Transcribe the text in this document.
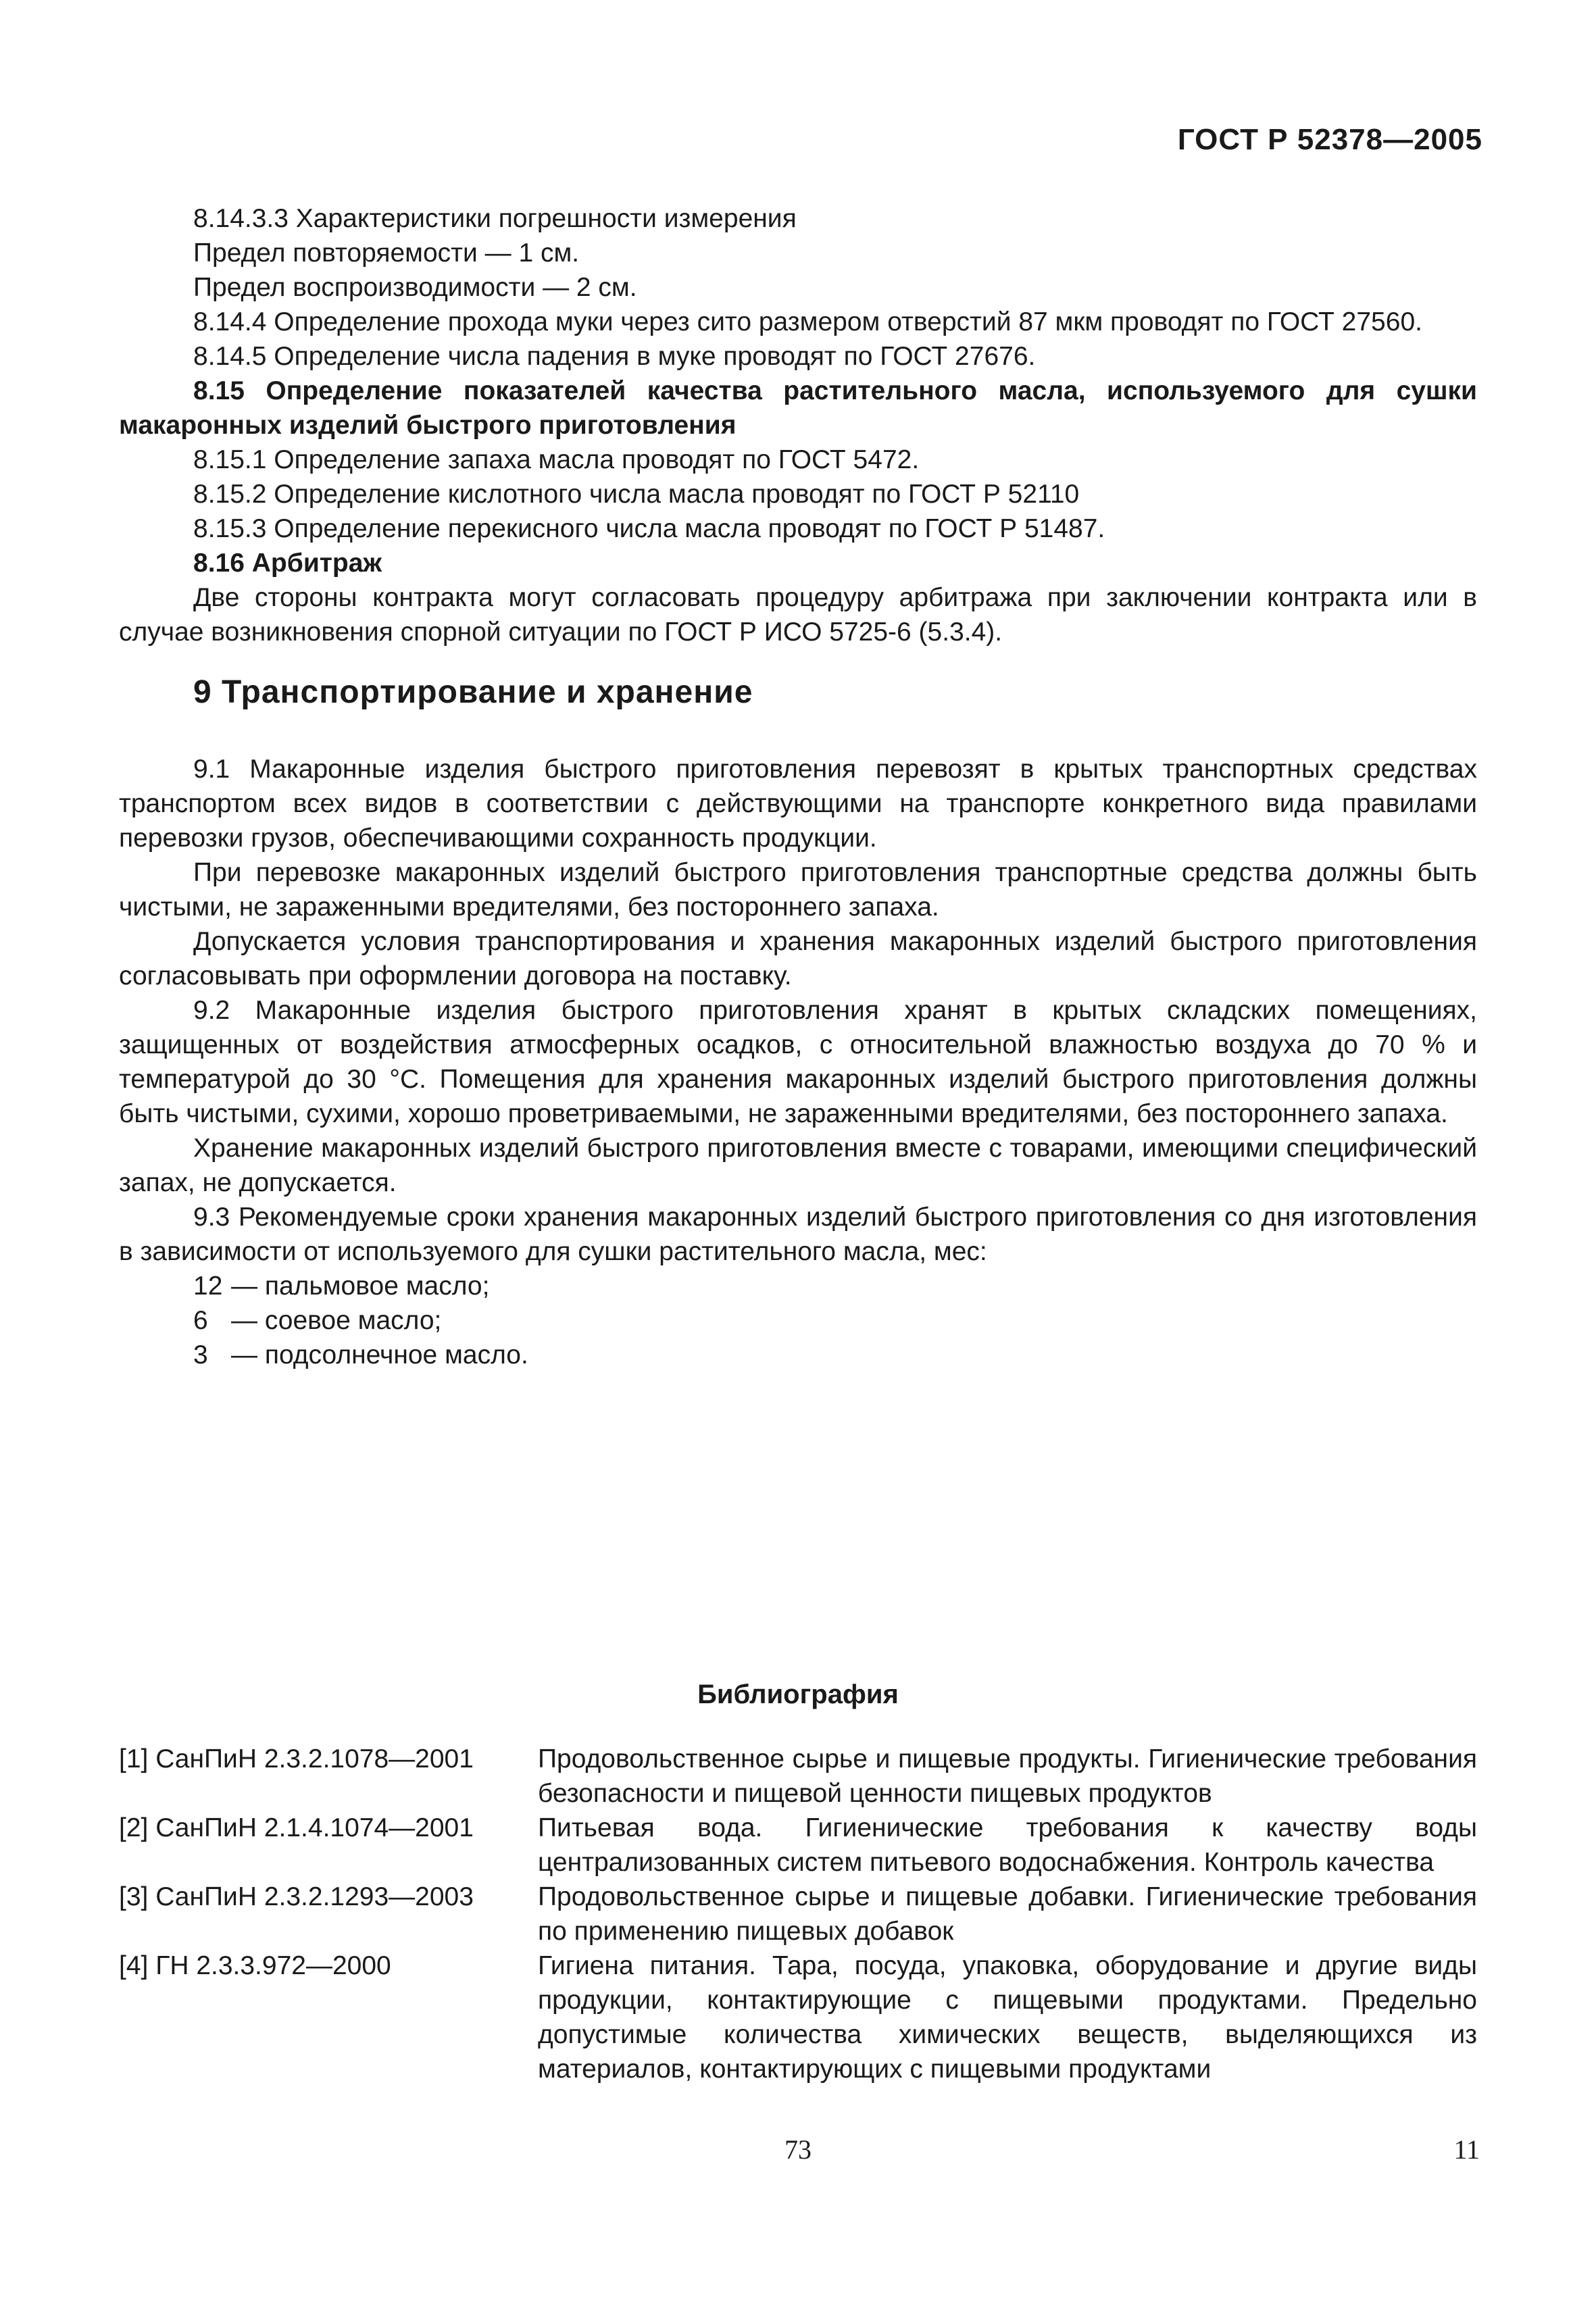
ГОСТ Р 52378—2005

8.14.3.3 Характеристики погрешности измерения

Предел повторяемости — 1 см.

Предел воспроизводимости — 2 см.

8.14.4 Определение прохода муки через сито размером отверстий 87 мкм проводят по ГОСТ 27560.

8.14.5 Определение числа падения в муке проводят по ГОСТ 27676.

8.15 Определение показателей качества растительного масла, используемого для сушки макаронных изделий быстрого приготовления

8.15.1 Определение запаха масла проводят по ГОСТ 5472.

8.15.2 Определение кислотного числа масла проводят по ГОСТ Р 52110

8.15.3 Определение перекисного числа масла проводят по ГОСТ Р 51487.

8.16 Арбитраж

Две стороны контракта могут согласовать процедуру арбитража при заключении контракта или в случае возникновения спорной ситуации по ГОСТ Р ИСО 5725-6 (5.3.4).

9 Транспортирование и хранение

9.1 Макаронные изделия быстрого приготовления перевозят в крытых транспортных средствах транспортом всех видов в соответствии с действующими на транспорте конкретного вида правилами перевозки грузов, обеспечивающими сохранность продукции.

При перевозке макаронных изделий быстрого приготовления транспортные средства должны быть чистыми, не зараженными вредителями, без постороннего запаха.

Допускается условия транспортирования и хранения макаронных изделий быстрого приготовления согласовывать при оформлении договора на поставку.

9.2 Макаронные изделия быстрого приготовления хранят в крытых складских помещениях, защищенных от воздействия атмосферных осадков, с относительной влажностью воздуха до 70 % и температурой до 30 °С. Помещения для хранения макаронных изделий быстрого приготовления должны быть чистыми, сухими, хорошо проветриваемыми, не зараженными вредителями, без постороннего запаха.

Хранение макаронных изделий быстрого приготовления вместе с товарами, имеющими специфический запах, не допускается.

9.3 Рекомендуемые сроки хранения макаронных изделий быстрого приготовления со дня изготовления в зависимости от используемого для сушки растительного масла, мес:

12 — пальмовое масло;
6 — соевое масло;
3 — подсолнечное масло.
Библиография
[1] СанПиН 2.3.2.1078—2001	Продовольственное сырье и пищевые продукты. Гигиенические требования безопасности и пищевой ценности пищевых продуктов
[2] СанПиН 2.1.4.1074—2001	Питьевая вода. Гигиенические требования к качеству воды централизованных систем питьевого водоснабжения. Контроль качества
[3] СанПиН 2.3.2.1293—2003	Продовольственное сырье и пищевые добавки. Гигиенические требования по применению пищевых добавок
[4] ГН 2.3.3.972—2000	Гигиена питания. Тара, посуда, упаковка, оборудование и другие виды продукции, контактирующие с пищевыми продуктами. Предельно допустимые количества химических веществ, выделяющихся из материалов, контактирующих с пищевыми продуктами
73	11
